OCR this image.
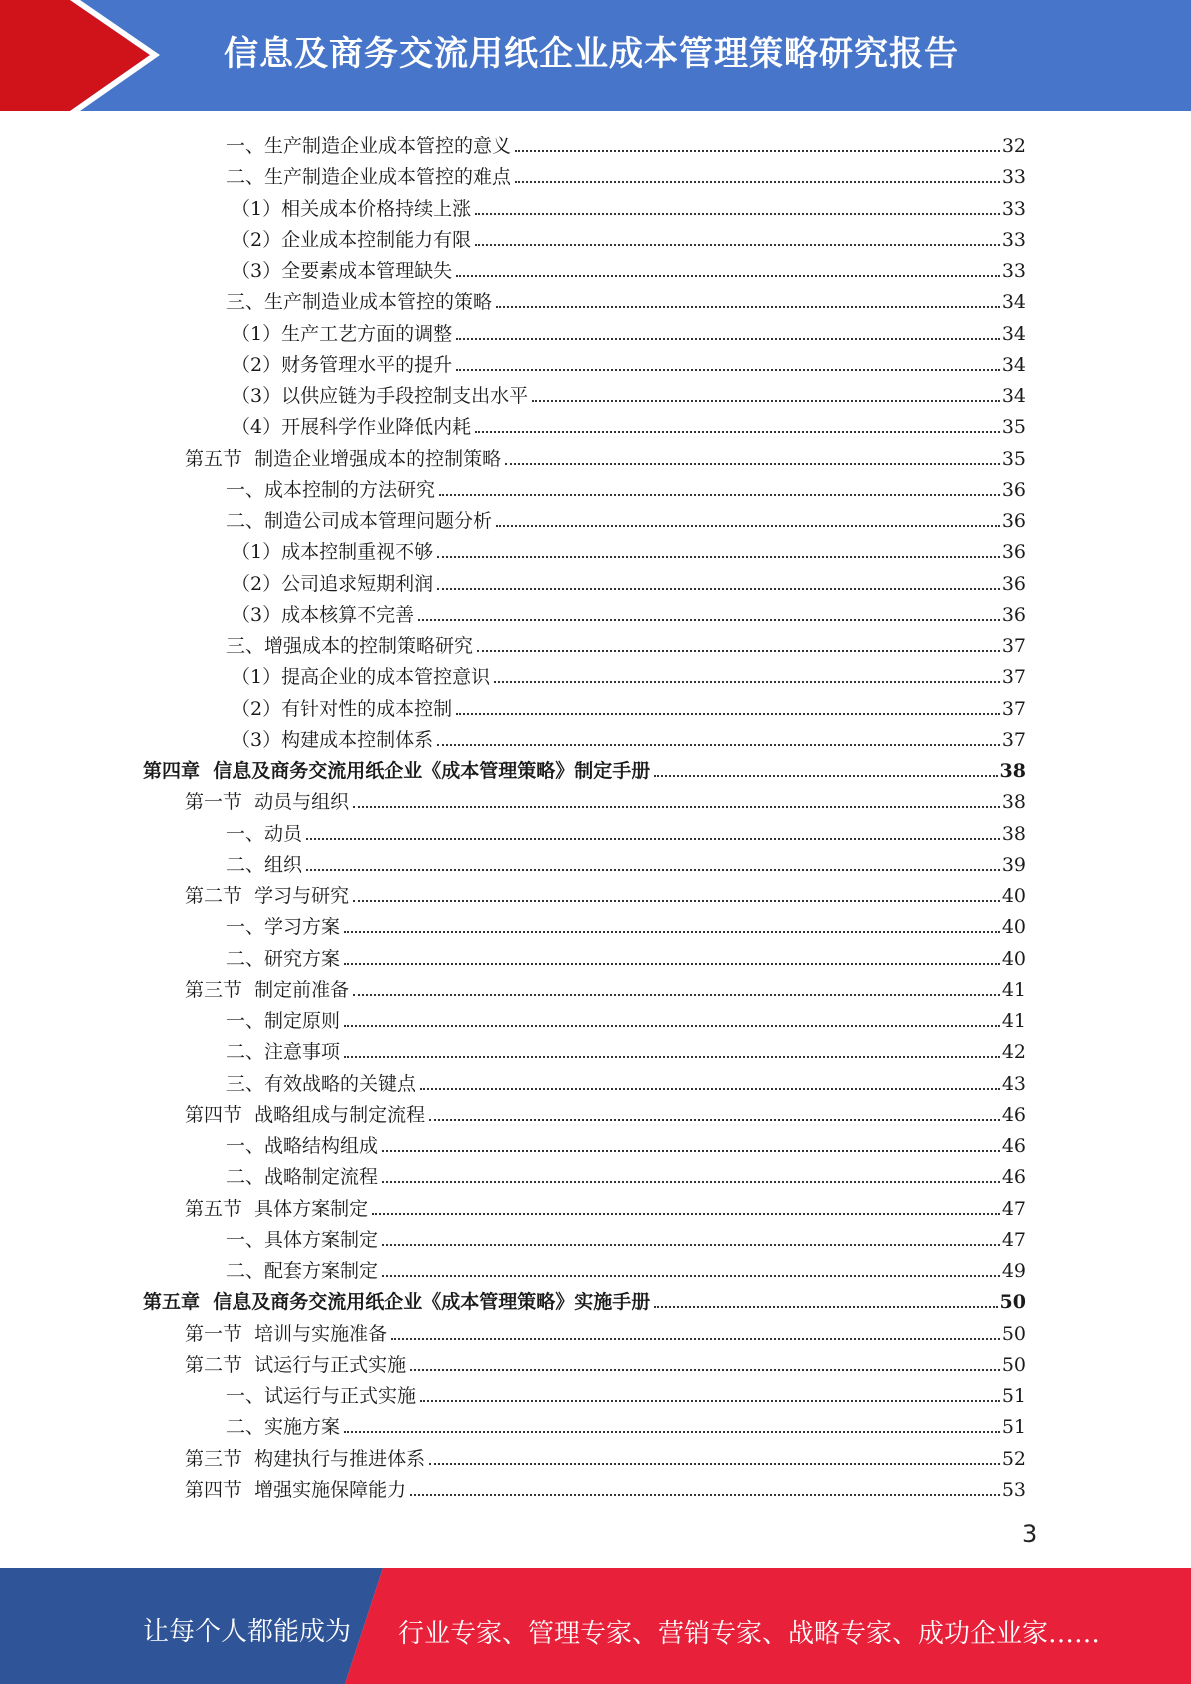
信息及商务交流用纸企业成本管理策略研究报告
一、生产制造企业成本管控的意义	32
二、生产制造企业成本管控的难点	33
（1）相关成本价格持续上涨	33
（2）企业成本控制能力有限	33
（3）全要素成本管理缺失	33
三、生产制造业成本管控的策略	34
（1）生产工艺方面的调整	34
（2）财务管理水平的提升	34
（3）以供应链为手段控制支出水平	34
（4）开展科学作业降低内耗	35
第五节  制造企业增强成本的控制策略	35
一、成本控制的方法研究	36
二、制造公司成本管理问题分析	36
（1）成本控制重视不够	36
（2）公司追求短期利润	36
（3）成本核算不完善	36
三、增强成本的控制策略研究	37
（1）提高企业的成本管控意识	37
（2）有针对性的成本控制	37
（3）构建成本控制体系	37
第四章  信息及商务交流用纸企业《成本管理策略》制定手册	38
第一节  动员与组织	38
一、动员	38
二、组织	39
第二节  学习与研究	40
一、学习方案	40
二、研究方案	40
第三节  制定前准备	41
一、制定原则	41
二、注意事项	42
三、有效战略的关键点	43
第四节  战略组成与制定流程	46
一、战略结构组成	46
二、战略制定流程	46
第五节  具体方案制定	47
一、具体方案制定	47
二、配套方案制定	49
第五章  信息及商务交流用纸企业《成本管理策略》实施手册	50
第一节  培训与实施准备	50
第二节  试运行与正式实施	50
一、试运行与正式实施	51
二、实施方案	51
第三节  构建执行与推进体系	52
第四节  增强实施保障能力	53
3
让每个人都能成为 行业专家、管理专家、营销专家、战略专家、成功企业家……
